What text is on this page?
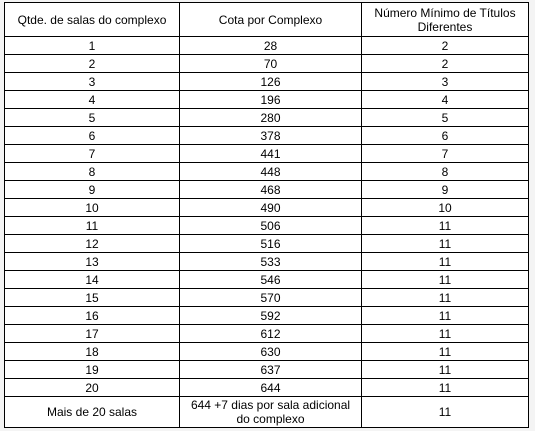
Qtde. de salas do complexo	Cota por Complexo	Número Mínimo de Títulos Diferentes
1	28	2
2	70	2
3	126	3
4	196	4
5	280	5
6	378	6
7	441	7
8	448	8
9	468	9
10	490	10
11	506	11
12	516	11
13	533	11
14	546	11
15	570	11
16	592	11
17	612	11
18	630	11
19	637	11
20	644	11
Mais de 20 salas	644 +7 dias por sala adicional do complexo	11
